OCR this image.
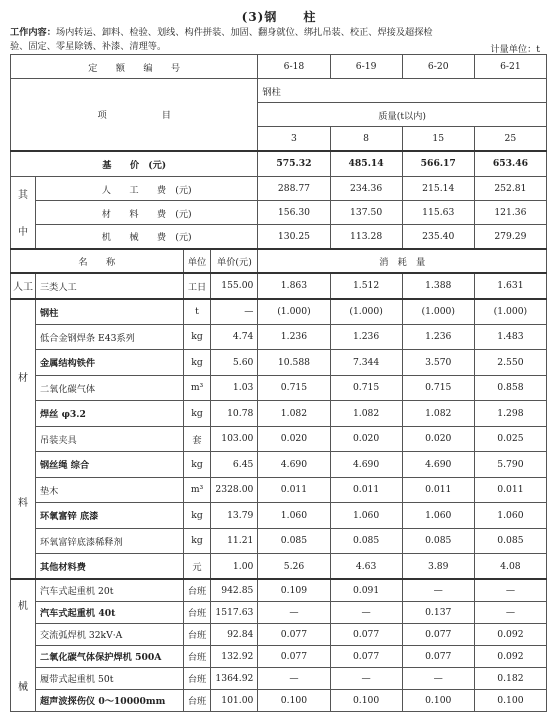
(3)钢　　柱
工作内容：场内转运、卸料、检验、划线、构件拼装、加固、翻身就位、绑扎吊装、校正、焊接及超探检验、固定、零星除锈、补漆、清理等。	计量单位：t
定　　额　　编　　号				6-18	6-19	6-20	6-21
项　　　　　　目				钢柱			
				质量(t以内)			
				3	8	15	25
基　　价　(元)				575.32	485.14	566.17	653.46
其

中	人　　工　　费　(元)			288.77	234.36	215.14	252.81
	材　　料　　费　(元)			156.30	137.50	115.63	121.36
	机　　械　　费　(元)			130.25	113.28	235.40	279.29
名　　称		单位	单价(元)	消　耗　量			
人工	三类人工	工日	155.00	1.863	1.512	1.388	1.631
材

料	钢柱	t	—	(1.000)	(1.000)	(1.000)	(1.000)
	低合金钢焊条 E43系列	kg	4.74	1.236	1.236	1.236	1.483
	金属结构铁件	kg	5.60	10.588	7.344	3.570	2.550
	二氧化碳气体	m³	1.03	0.715	0.715	0.715	0.858
	焊丝 φ3.2	kg	10.78	1.082	1.082	1.082	1.298
	吊装夹具	套	103.00	0.020	0.020	0.020	0.025
	钢丝绳 综合	kg	6.45	4.690	4.690	4.690	5.790
	垫木	m³	2328.00	0.011	0.011	0.011	0.011
	环氧富锌 底漆	kg	13.79	1.060	1.060	1.060	1.060
	环氧富锌底漆稀释剂	kg	11.21	0.085	0.085	0.085	0.085
	其他材料费	元	1.00	5.26	4.63	3.89	4.08
机

械	汽车式起重机 20t	台班	942.85	0.109	0.091	—	—
	汽车式起重机 40t	台班	1517.63	—	—	0.137	—
	交流弧焊机 32kV·A	台班	92.84	0.077	0.077	0.077	0.092
	二氧化碳气体保护焊机 500A	台班	132.92	0.077	0.077	0.077	0.092
	履带式起重机 50t	台班	1364.92	—	—	—	0.182
	超声波探伤仪 0～10000mm	台班	101.00	0.100	0.100	0.100	0.100
